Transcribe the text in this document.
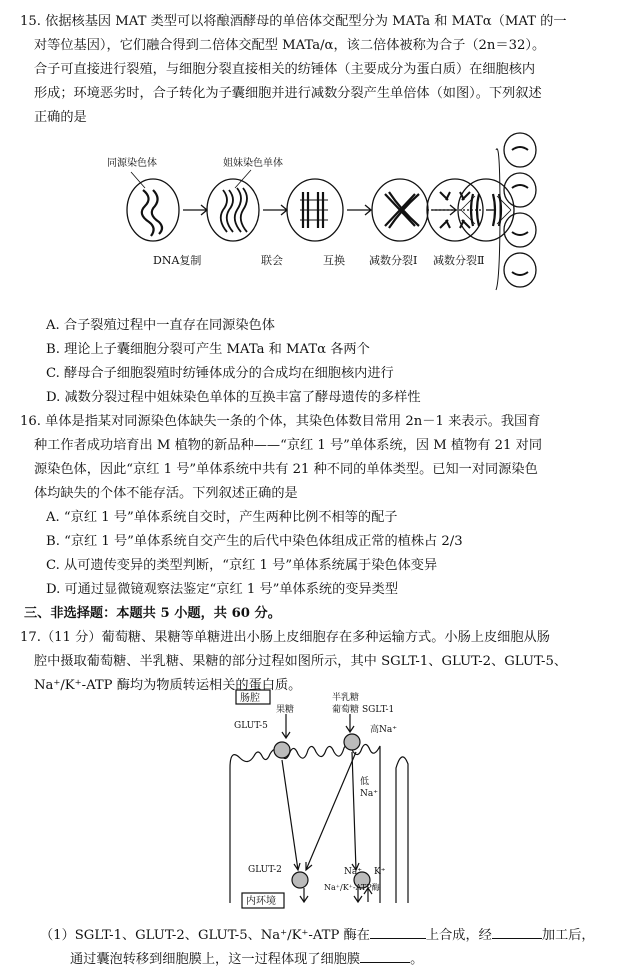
15. 依据核基因 MAT 类型可以将酿酒酵母的单倍体交配型分为 MATa 和 MATα（MAT 的一
对等位基因），它们融合得到二倍体交配型 MATa/α，该二倍体被称为合子（2n＝32）。
合子可直接进行裂殖，与细胞分裂直接相关的纺锤体（主要成分为蛋白质）在细胞核内
形成；环境恶劣时，合子转化为子囊细胞并进行减数分裂产生单倍体（如图）。下列叙述
正确的是
同源染色体	姐妹染色单体
DNA复制	联会	互换 减数分裂Ⅰ 减数分裂Ⅱ
A. 合子裂殖过程中一直存在同源染色体
B. 理论上子囊细胞分裂可产生 MATa 和 MATα 各两个
C. 酵母合子细胞裂殖时纺锤体成分的合成均在细胞核内进行
D. 减数分裂过程中姐妹染色单体的互换丰富了酵母遗传的多样性
16. 单体是指某对同源染色体缺失一条的个体，其染色体数目常用 2n－1 来表示。我国育
种工作者成功培育出 M 植物的新品种——“京红 1 号”单体系统，因 M 植物有 21 对同
源染色体，因此“京红 1 号”单体系统中共有 21 种不同的单体类型。已知一对同源染色
体均缺失的个体不能存活。下列叙述正确的是
A. “京红 1 号”单体系统自交时，产生两种比例不相等的配子
B. “京红 1 号”单体系统自交产生的后代中染色体组成正常的植株占 2/3
C. 从可遗传变异的类型判断，“京红 1 号”单体系统属于染色体变异
D. 可通过显微镜观察法鉴定“京红 1 号”单体系统的变异类型
三、非选择题：本题共 5 小题，共 60 分。
17.（11 分）葡萄糖、果糖等单糖进出小肠上皮细胞存在多种运输方式。小肠上皮细胞从肠
腔中摄取葡萄糖、半乳糖、果糖的部分过程如图所示，其中 SGLT-1、GLUT-2、GLUT-5、
Na⁺/K⁺-ATP 酶均为物质转运相关的蛋白质。
肠腔
果糖
半乳糖
葡萄糖 SGLT-1
高Na⁺
GLUT-5
低
Na⁺
GLUT-2
内环境
Na⁺ K⁺
Na⁺/K⁺-ATP酶
（1）SGLT-1、GLUT-2、GLUT-5、Na⁺/K⁺-ATP 酶在	上合成，经	加工后，
通过囊泡转移到细胞膜上，这一过程体现了细胞膜	。
